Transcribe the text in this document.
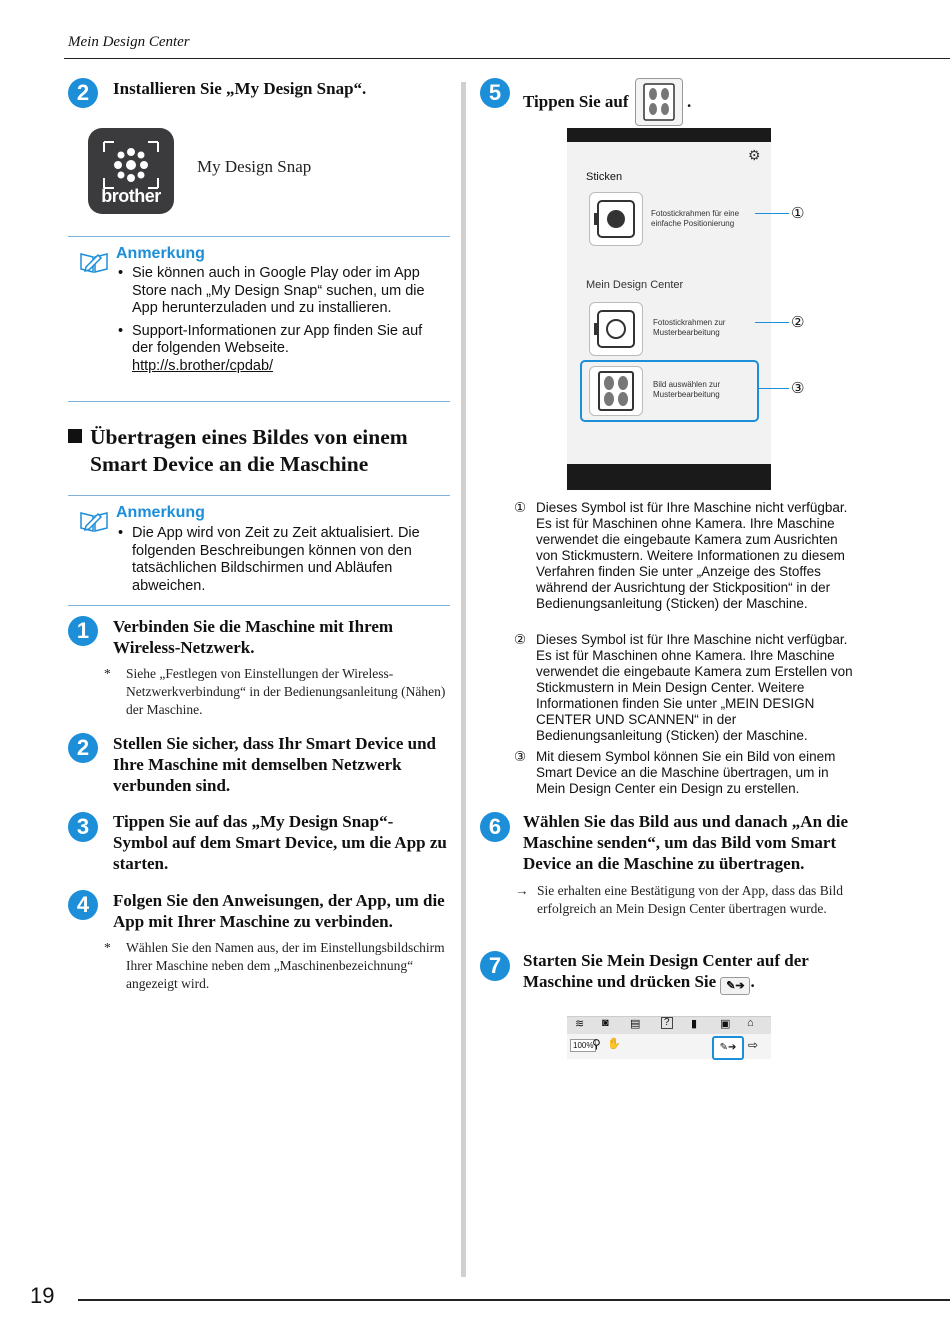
Mein Design Center
2	Installieren Sie „My Design Snap“.
brother
My Design Snap
Anmerkung
• Sie können auch in Google Play oder im App Store nach „My Design Snap“ suchen, um die App herunterzuladen und zu installieren.
• Support-Informationen zur App finden Sie auf der folgenden Webseite.
http://s.brother/cpdab/
Übertragen eines Bildes von einem
Smart Device an die Maschine
Anmerkung
• Die App wird von Zeit zu Zeit aktualisiert. Die folgenden Beschreibungen können von den tatsächlichen Bildschirmen und Abläufen abweichen.
1	Verbinden Sie die Maschine mit Ihrem Wireless-Netzwerk.
* Siehe „Festlegen von Einstellungen der Wireless-Netzwerkverbindung“ in der Bedienungsanleitung (Nähen) der Maschine.
2	Stellen Sie sicher, dass Ihr Smart Device und Ihre Maschine mit demselben Netzwerk verbunden sind.
3	Tippen Sie auf das „My Design Snap“-Symbol auf dem Smart Device, um die App zu starten.
4	Folgen Sie den Anweisungen, der App, um die App mit Ihrer Maschine zu verbinden.
* Wählen Sie den Namen aus, der im Einstellungsbildschirm Ihrer Maschine neben dem „Maschinenbezeichnung“ angezeigt wird.
5	Tippen Sie auf	.
⚙
Sticken
Fotostickrahmen für eine einfache Positionierung
Mein Design Center
Fotostickrahmen zur Musterbearbeitung
Bild auswählen zur Musterbearbeitung
①
②
③
① Dieses Symbol ist für Ihre Maschine nicht verfügbar. Es ist für Maschinen ohne Kamera. Ihre Maschine verwendet die eingebaute Kamera zum Ausrichten von Stickmustern. Weitere Informationen zu diesem Verfahren finden Sie unter „Anzeige des Stoffes während der Ausrichtung der Stickposition“ in der Bedienungsanleitung (Sticken) der Maschine.
② Dieses Symbol ist für Ihre Maschine nicht verfügbar. Es ist für Maschinen ohne Kamera. Ihre Maschine verwendet die eingebaute Kamera zum Erstellen von Stickmustern in Mein Design Center. Weitere Informationen finden Sie unter „MEIN DESIGN CENTER UND SCANNEN“ in der Bedienungsanleitung (Sticken) der Maschine.
③ Mit diesem Symbol können Sie ein Bild von einem Smart Device an die Maschine übertragen, um in Mein Design Center ein Design zu erstellen.
6	Wählen Sie das Bild aus und danach „An die Maschine senden“, um das Bild vom Smart Device an die Maschine zu übertragen.
→ Sie erhalten eine Bestätigung von der App, dass das Bild erfolgreich an Mein Design Center übertragen wurde.
7	Starten Sie Mein Design Center auf der Maschine und drücken Sie ✎➔ .
≋ ◙ ▤	? ▮ ▣ ⌂
100%
⚲ ✋	✎➔ ⇨
19
